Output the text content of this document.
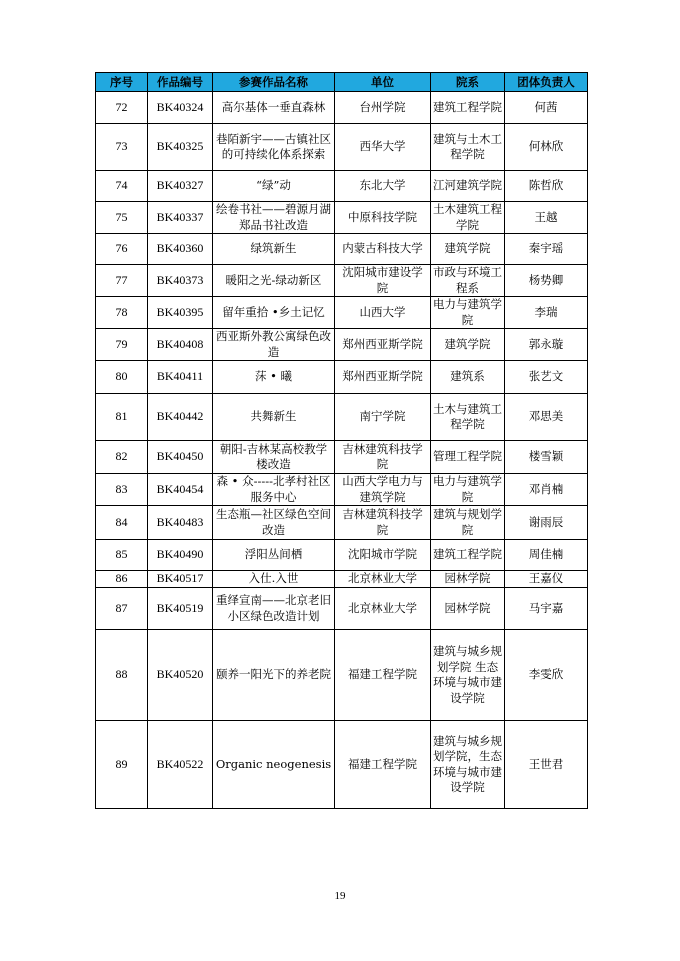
序号	作品编号	参赛作品名称	单位	院系	团体负责人
72	BK40324	高尔基体一垂直森林	台州学院	建筑工程学院	何茜
73	BK40325	巷陌新宇——古镇社区的可持续化体系探索	西华大学	建筑与土木工程学院	何林欣
74	BK40327	“绿”动	东北大学	江河建筑学院	陈哲欣
75	BK40337	绘卷书社——碧源月湖郑品书社改造	中原科技学院	土木建筑工程学院	王越
76	BK40360	绿筑新生	内蒙古科技大学	建筑学院	秦宇瑶
77	BK40373	暖阳之光-绿动新区	沈阳城市建设学院	市政与环境工程系	杨势卿
78	BK40395	留年重拾 •乡土记忆	山西大学	电力与建筑学院	李瑞
79	BK40408	西亚斯外教公寓绿色改造	郑州西亚斯学院	建筑学院	郭永璇
80	BK40411	莯 • 曦	郑州西亚斯学院	建筑系	张艺文
81	BK40442	共舞新生	南宁学院	土木与建筑工程学院	邓思美
82	BK40450	朝阳-吉林某高校教学楼改造	吉林建筑科技学院	管理工程学院	楼雪颖
83	BK40454	森 • 众-----北孝村社区服务中心	山西大学电力与建筑学院	电力与建筑学院	邓肖楠
84	BK40483	生态瓶—社区绿色空间改造	吉林建筑科技学院	建筑与规划学院	谢雨辰
85	BK40490	浮阳丛间栖	沈阳城市学院	建筑工程学院	周佳楠
86	BK40517	入仕.入世	北京林业大学	园林学院	王嘉仪
87	BK40519	重绎宣南——北京老旧小区绿色改造计划	北京林业大学	园林学院	马宇嘉
88	BK40520	颐养一阳光下的养老院	福建工程学院	建筑与城乡规划学院 生态环境与城市建设学院	李雯欣
89	BK40522	Organic neogenesis	福建工程学院	建筑与城乡规划学院，生态环境与城市建设学院	王世君
19
